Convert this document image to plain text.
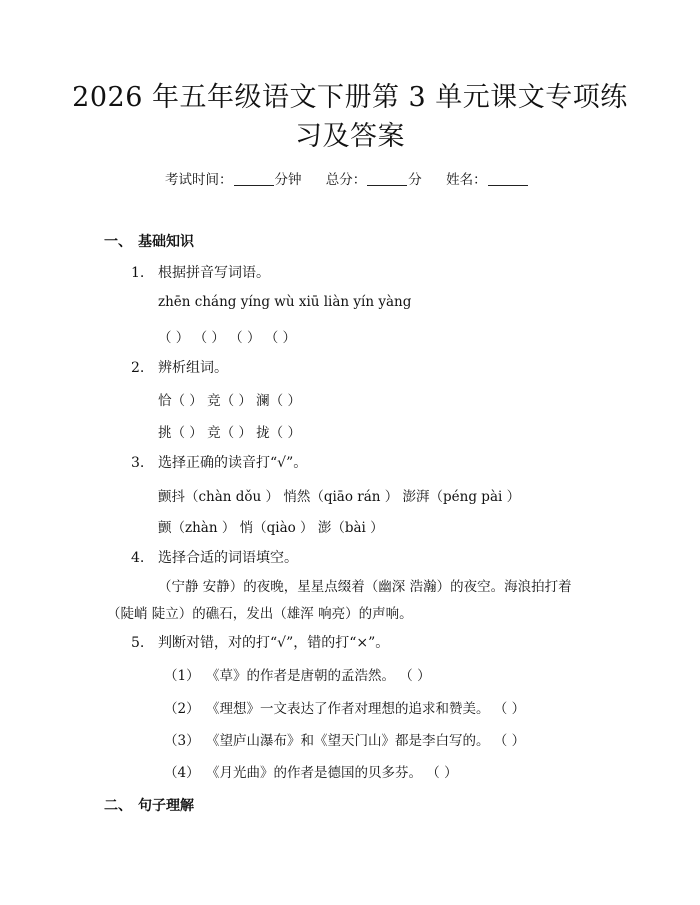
2026 年五年级语文下册第 3 单元课文专项练
习及答案
考试时间：	分钟 总分：	分 姓名：
一、 基础知识
1. 根据拼音写词语。
zhēn cháng yíng wù xiū liàn yín yàng
（ ） （ ） （ ） （ ）
2. 辨析组词。
恰（ ） 竞（ ） 澜（ ）
挑（ ） 竞（ ） 拢（ ）
3. 选择正确的读音打“√”。
颤抖（chàn dǒu ） 悄然（qiāo rán ） 澎湃（péng pài ）
颤（zhàn ） 悄（qiào ） 澎（bài ）
4. 选择合适的词语填空。
（宁静 安静）的夜晚，星星点缀着（幽深 浩瀚）的夜空。海浪拍打着（陡峭 陡立）的礁石，发出（雄浑 响亮）的声响。
5. 判断对错，对的打“√”，错的打“×”。
（1） 《草》的作者是唐朝的孟浩然。 （ ）
（2） 《理想》一文表达了作者对理想的追求和赞美。 （ ）
（3） 《望庐山瀑布》和《望天门山》都是李白写的。 （ ）
（4） 《月光曲》的作者是德国的贝多芬。 （ ）
二、 句子理解
